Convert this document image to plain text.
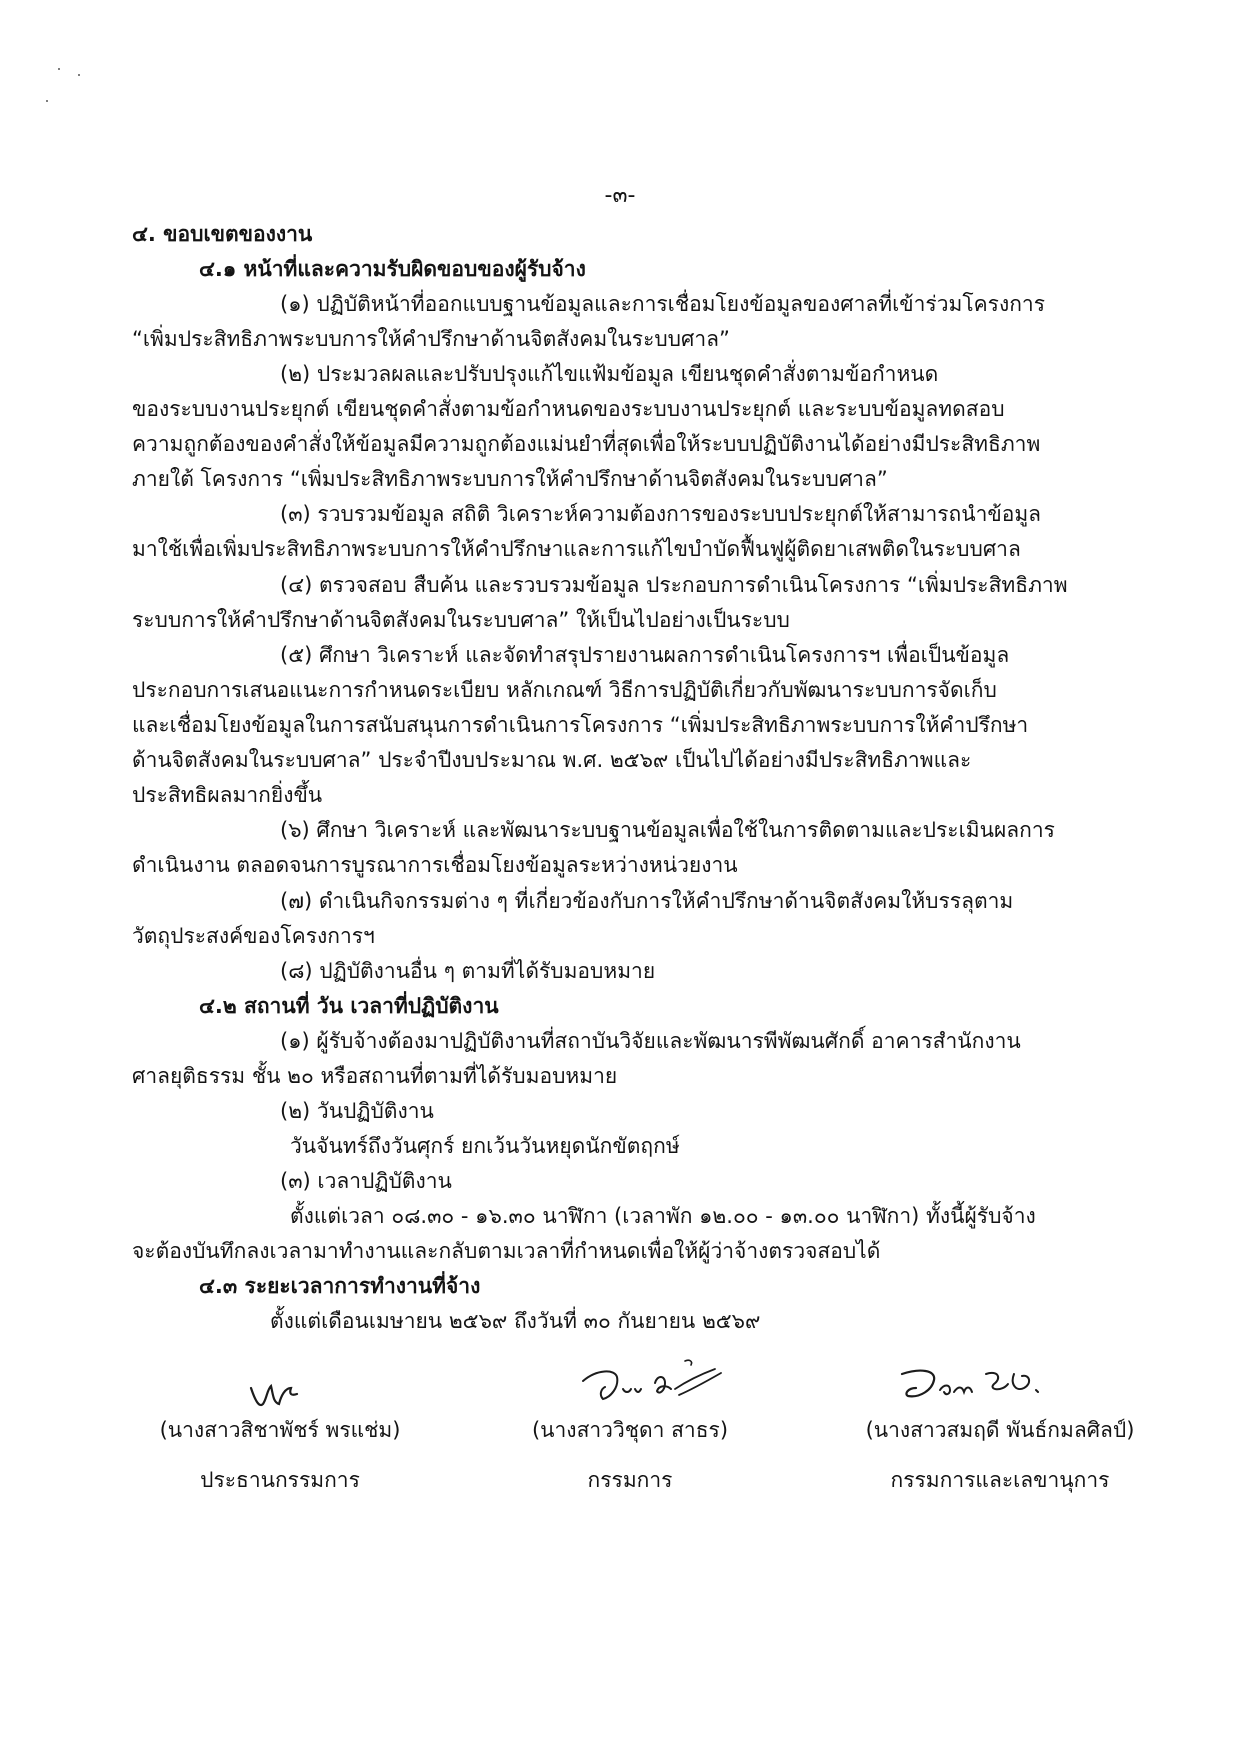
-๓-
๔. ขอบเขตของงาน
๔.๑ หน้าที่และความรับผิดขอบของผู้รับจ้าง
(๑) ปฏิบัติหน้าที่ออกแบบฐานข้อมูลและการเชื่อมโยงข้อมูลของศาลที่เข้าร่วมโครงการ
“เพิ่มประสิทธิภาพระบบการให้คำปรึกษาด้านจิตสังคมในระบบศาล”
(๒) ประมวลผลและปรับปรุงแก้ไขแฟ้มข้อมูล เขียนชุดคำสั่งตามข้อกำหนด
ของระบบงานประยุกต์ เขียนชุดคำสั่งตามข้อกำหนดของระบบงานประยุกต์ และระบบข้อมูลทดสอบ
ความถูกต้องของคำสั่งให้ข้อมูลมีความถูกต้องแม่นยำที่สุดเพื่อให้ระบบปฏิบัติงานได้อย่างมีประสิทธิภาพ
ภายใต้ โครงการ “เพิ่มประสิทธิภาพระบบการให้คำปรึกษาด้านจิตสังคมในระบบศาล”
(๓) รวบรวมข้อมูล สถิติ วิเคราะห์ความต้องการของระบบประยุกต์ให้สามารถนำข้อมูล
มาใช้เพื่อเพิ่มประสิทธิภาพระบบการให้คำปรึกษาและการแก้ไขบำบัดฟื้นฟูผู้ติดยาเสพติดในระบบศาล
(๔) ตรวจสอบ สืบค้น และรวบรวมข้อมูล ประกอบการดำเนินโครงการ “เพิ่มประสิทธิภาพ
ระบบการให้คำปรึกษาด้านจิตสังคมในระบบศาล” ให้เป็นไปอย่างเป็นระบบ
(๕) ศึกษา วิเคราะห์ และจัดทำสรุปรายงานผลการดำเนินโครงการฯ เพื่อเป็นข้อมูล
ประกอบการเสนอแนะการกำหนดระเบียบ หลักเกณฑ์ วิธีการปฏิบัติเกี่ยวกับพัฒนาระบบการจัดเก็บ
และเชื่อมโยงข้อมูลในการสนับสนุนการดำเนินการโครงการ “เพิ่มประสิทธิภาพระบบการให้คำปรึกษา
ด้านจิตสังคมในระบบศาล” ประจำปีงบประมาณ พ.ศ. ๒๕๖๙ เป็นไปได้อย่างมีประสิทธิภาพและ
ประสิทธิผลมากยิ่งขึ้น
(๖) ศึกษา วิเคราะห์ และพัฒนาระบบฐานข้อมูลเพื่อใช้ในการติดตามและประเมินผลการ
ดำเนินงาน ตลอดจนการบูรณาการเชื่อมโยงข้อมูลระหว่างหน่วยงาน
(๗) ดำเนินกิจกรรมต่าง ๆ ที่เกี่ยวข้องกับการให้คำปรึกษาด้านจิตสังคมให้บรรลุตาม
วัตถุประสงค์ของโครงการฯ
(๘) ปฏิบัติงานอื่น ๆ ตามที่ได้รับมอบหมาย
๔.๒ สถานที่ วัน เวลาที่ปฏิบัติงาน
(๑) ผู้รับจ้างต้องมาปฏิบัติงานที่สถาบันวิจัยและพัฒนารพีพัฒนศักดิ์ อาคารสำนักงาน
ศาลยุติธรรม ชั้น ๒๐ หรือสถานที่ตามที่ได้รับมอบหมาย
(๒) วันปฏิบัติงาน
วันจันทร์ถึงวันศุกร์ ยกเว้นวันหยุดนักขัตฤกษ์
(๓) เวลาปฏิบัติงาน
ตั้งแต่เวลา ๐๘.๓๐ - ๑๖.๓๐ นาฬิกา (เวลาพัก ๑๒.๐๐ - ๑๓.๐๐ นาฬิกา) ทั้งนี้ผู้รับจ้าง
จะต้องบันทึกลงเวลามาทำงานและกลับตามเวลาที่กำหนดเพื่อให้ผู้ว่าจ้างตรวจสอบได้
๔.๓ ระยะเวลาการทำงานที่จ้าง
ตั้งแต่เดือนเมษายน ๒๕๖๙ ถึงวันที่ ๓๐ กันยายน ๒๕๖๙
(นางสาวสิชาพัชร์ พรแช่ม)
ประธานกรรมการ
(นางสาววิชุดา สาธร)
กรรมการ
(นางสาวสมฤดี พันธ์กมลศิลป์)
กรรมการและเลขานุการ
